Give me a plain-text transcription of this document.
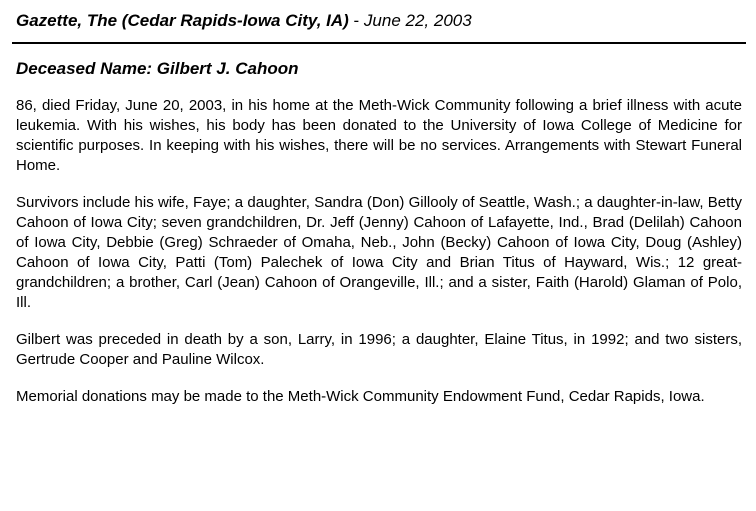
Gazette, The (Cedar Rapids-Iowa City, IA) - June 22, 2003
Deceased Name: Gilbert J. Cahoon

86, died Friday, June 20, 2003, in his home at the Meth-Wick Community following a brief illness with acute leukemia. With his wishes, his body has been donated to the University of Iowa College of Medicine for scientific purposes. In keeping with his wishes, there will be no services. Arrangements with Stewart Funeral Home.

Survivors include his wife, Faye; a daughter, Sandra (Don) Gillooly of Seattle, Wash.; a daughter-in-law, Betty Cahoon of Iowa City; seven grandchildren, Dr. Jeff (Jenny) Cahoon of Lafayette, Ind., Brad (Delilah) Cahoon of Iowa City, Debbie (Greg) Schraeder of Omaha, Neb., John (Becky) Cahoon of Iowa City, Doug (Ashley) Cahoon of Iowa City, Patti (Tom) Palechek of Iowa City and Brian Titus of Hayward, Wis.; 12 great-grandchildren; a brother, Carl (Jean) Cahoon of Orangeville, Ill.; and a sister, Faith (Harold) Glaman of Polo, Ill.

Gilbert was preceded in death by a son, Larry, in 1996; a daughter, Elaine Titus, in 1992; and two sisters, Gertrude Cooper and Pauline Wilcox.

Memorial donations may be made to the Meth-Wick Community Endowment Fund, Cedar Rapids, Iowa.
